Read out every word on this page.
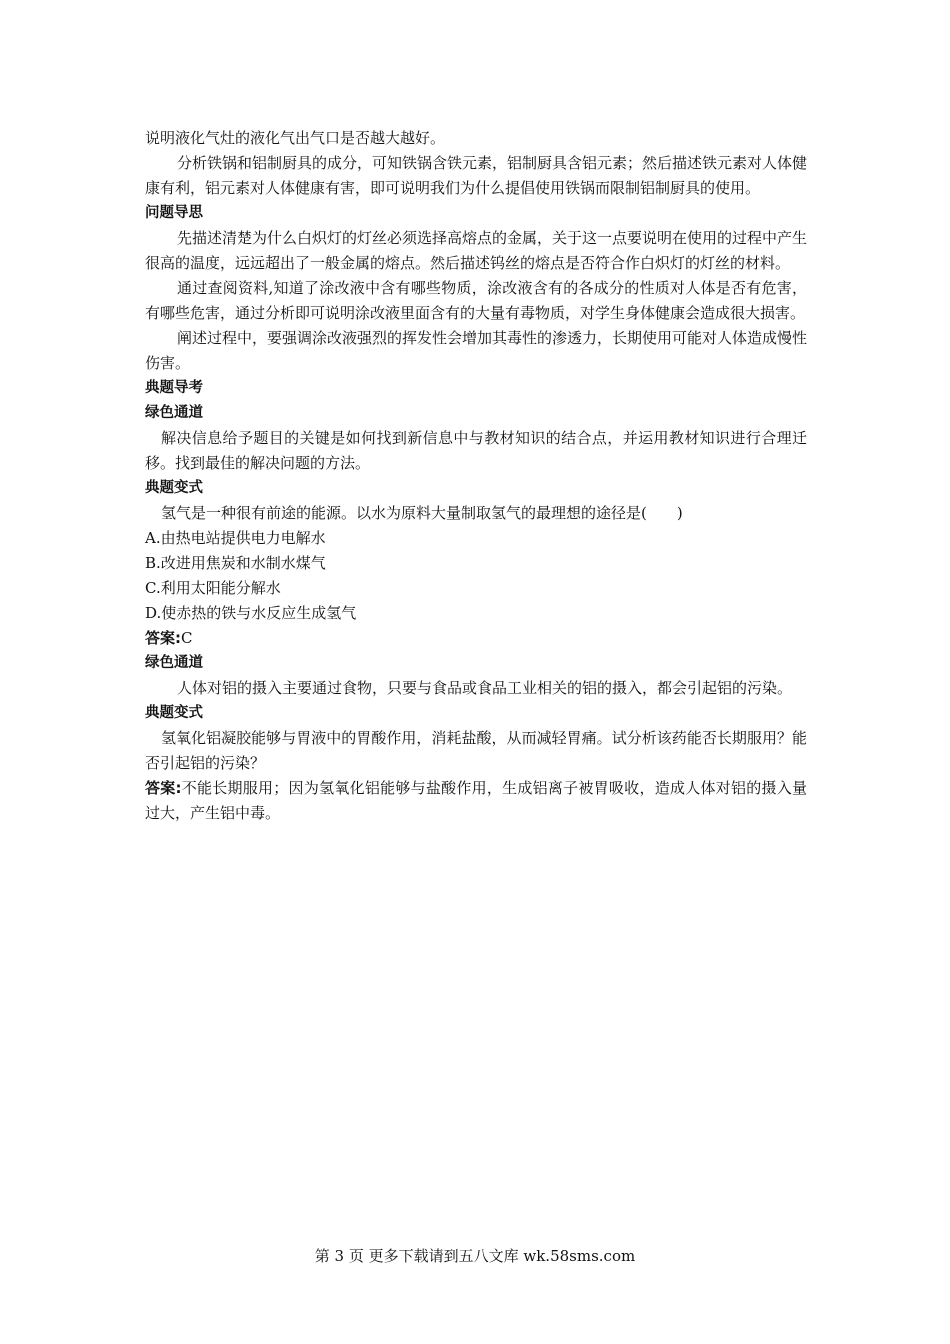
说明液化气灶的液化气出气口是否越大越好。

分析铁锅和铝制厨具的成分，可知铁锅含铁元素，铝制厨具含铝元素；然后描述铁元素对人体健康有利，铝元素对人体健康有害，即可说明我们为什么提倡使用铁锅而限制铝制厨具的使用。

问题导思

先描述清楚为什么白炽灯的灯丝必须选择高熔点的金属，关于这一点要说明在使用的过程中产生很高的温度，远远超出了一般金属的熔点。然后描述钨丝的熔点是否符合作白炽灯的灯丝的材料。

通过查阅资料,知道了涂改液中含有哪些物质，涂改液含有的各成分的性质对人体是否有危害，有哪些危害，通过分析即可说明涂改液里面含有的大量有毒物质，对学生身体健康会造成很大损害。

阐述过程中，要强调涂改液强烈的挥发性会增加其毒性的渗透力，长期使用可能对人体造成慢性伤害。

典题导考

绿色通道

解决信息给予题目的关键是如何找到新信息中与教材知识的结合点，并运用教材知识进行合理迁移。找到最佳的解决问题的方法。

典题变式

氢气是一种很有前途的能源。以水为原料大量制取氢气的最理想的途径是(　　)

A.由热电站提供电力电解水

B.改进用焦炭和水制水煤气

C.利用太阳能分解水

D.使赤热的铁与水反应生成氢气

答案:C

绿色通道

人体对铝的摄入主要通过食物，只要与食品或食品工业相关的铝的摄入，都会引起铝的污染。

典题变式

氢氧化铝凝胶能够与胃液中的胃酸作用，消耗盐酸，从而减轻胃痛。试分析该药能否长期服用？能否引起铝的污染？

答案:不能长期服用；因为氢氧化铝能够与盐酸作用，生成铝离子被胃吸收，造成人体对铝的摄入量过大，产生铝中毒。

第 3 页 更多下载请到五八文库 wk.58sms.com
